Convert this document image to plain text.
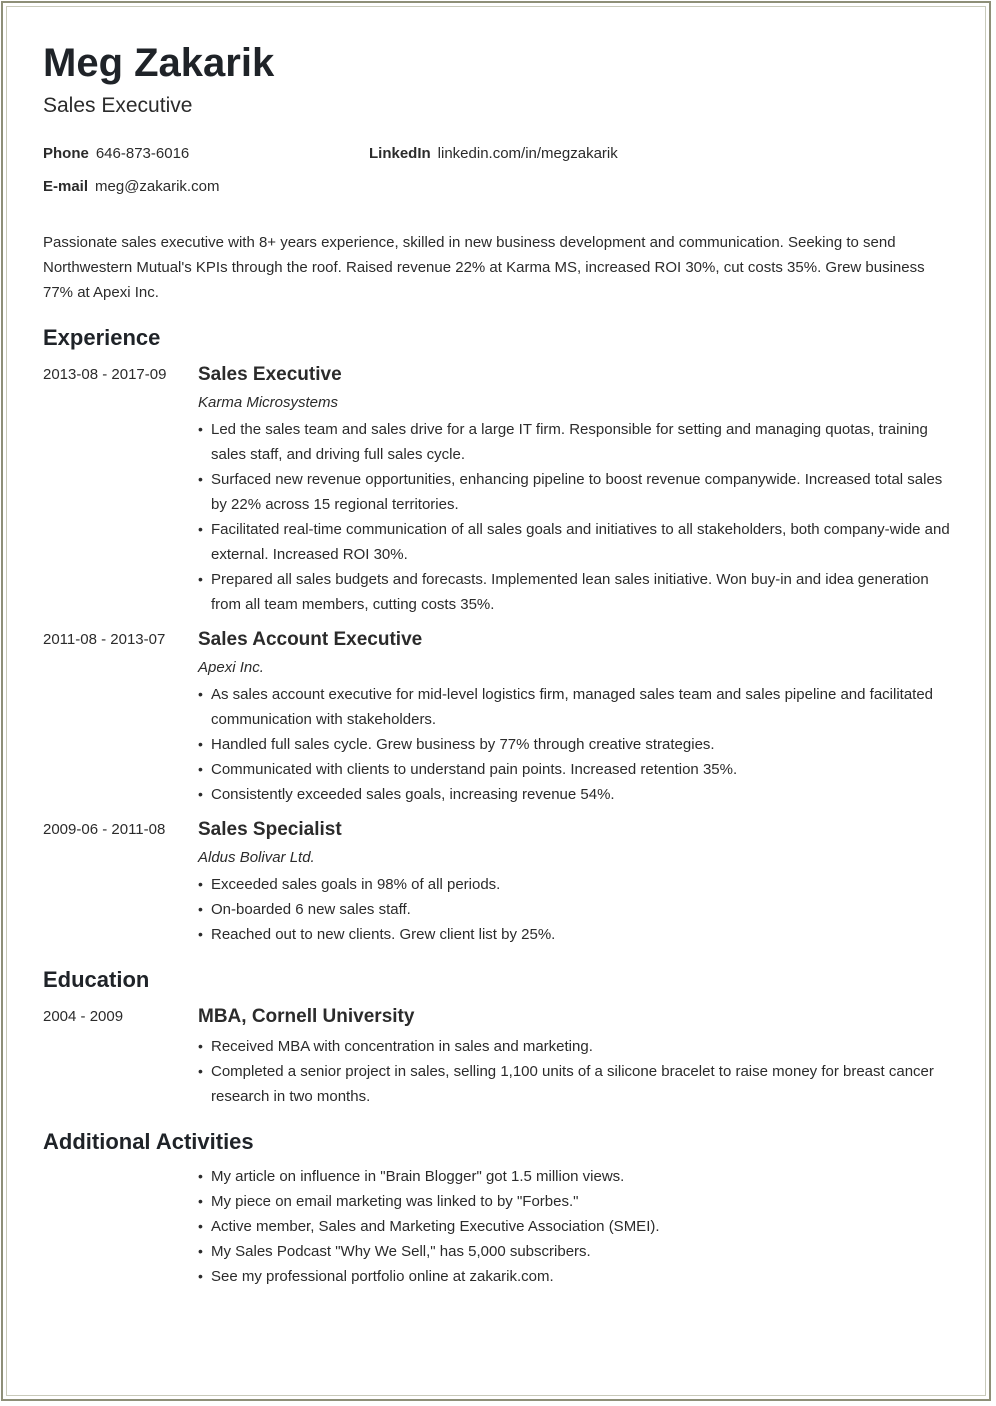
Meg Zakarik
Sales Executive
Phone 646-873-6016	LinkedIn linkedin.com/in/megzakarik
E-mail meg@zakarik.com
Passionate sales executive with 8+ years experience, skilled in new business development and communication. Seeking to send Northwestern Mutual's KPIs through the roof. Raised revenue 22% at Karma MS, increased ROI 30%, cut costs 35%. Grew business 77% at Apexi Inc.
Experience
2013-08 - 2017-09 Sales Executive
Karma Microsystems
• Led the sales team and sales drive for a large IT firm. Responsible for setting and managing quotas, training sales staff, and driving full sales cycle.
• Surfaced new revenue opportunities, enhancing pipeline to boost revenue companywide. Increased total sales by 22% across 15 regional territories.
• Facilitated real-time communication of all sales goals and initiatives to all stakeholders, both company-wide and external. Increased ROI 30%.
• Prepared all sales budgets and forecasts. Implemented lean sales initiative. Won buy-in and idea generation from all team members, cutting costs 35%.
2011-08 - 2013-07 Sales Account Executive
Apexi Inc.
• As sales account executive for mid-level logistics firm, managed sales team and sales pipeline and facilitated communication with stakeholders.
• Handled full sales cycle. Grew business by 77% through creative strategies.
• Communicated with clients to understand pain points. Increased retention 35%.
• Consistently exceeded sales goals, increasing revenue 54%.
2009-06 - 2011-08 Sales Specialist
Aldus Bolivar Ltd.
• Exceeded sales goals in 98% of all periods.
• On-boarded 6 new sales staff.
• Reached out to new clients. Grew client list by 25%.
Education
2004 - 2009	MBA, Cornell University
• Received MBA with concentration in sales and marketing.
• Completed a senior project in sales, selling 1,100 units of a silicone bracelet to raise money for breast cancer research in two months.
Additional Activities
• My article on influence in "Brain Blogger" got 1.5 million views.
• My piece on email marketing was linked to by "Forbes."
• Active member, Sales and Marketing Executive Association (SMEI).
• My Sales Podcast "Why We Sell," has 5,000 subscribers.
• See my professional portfolio online at zakarik.com.
